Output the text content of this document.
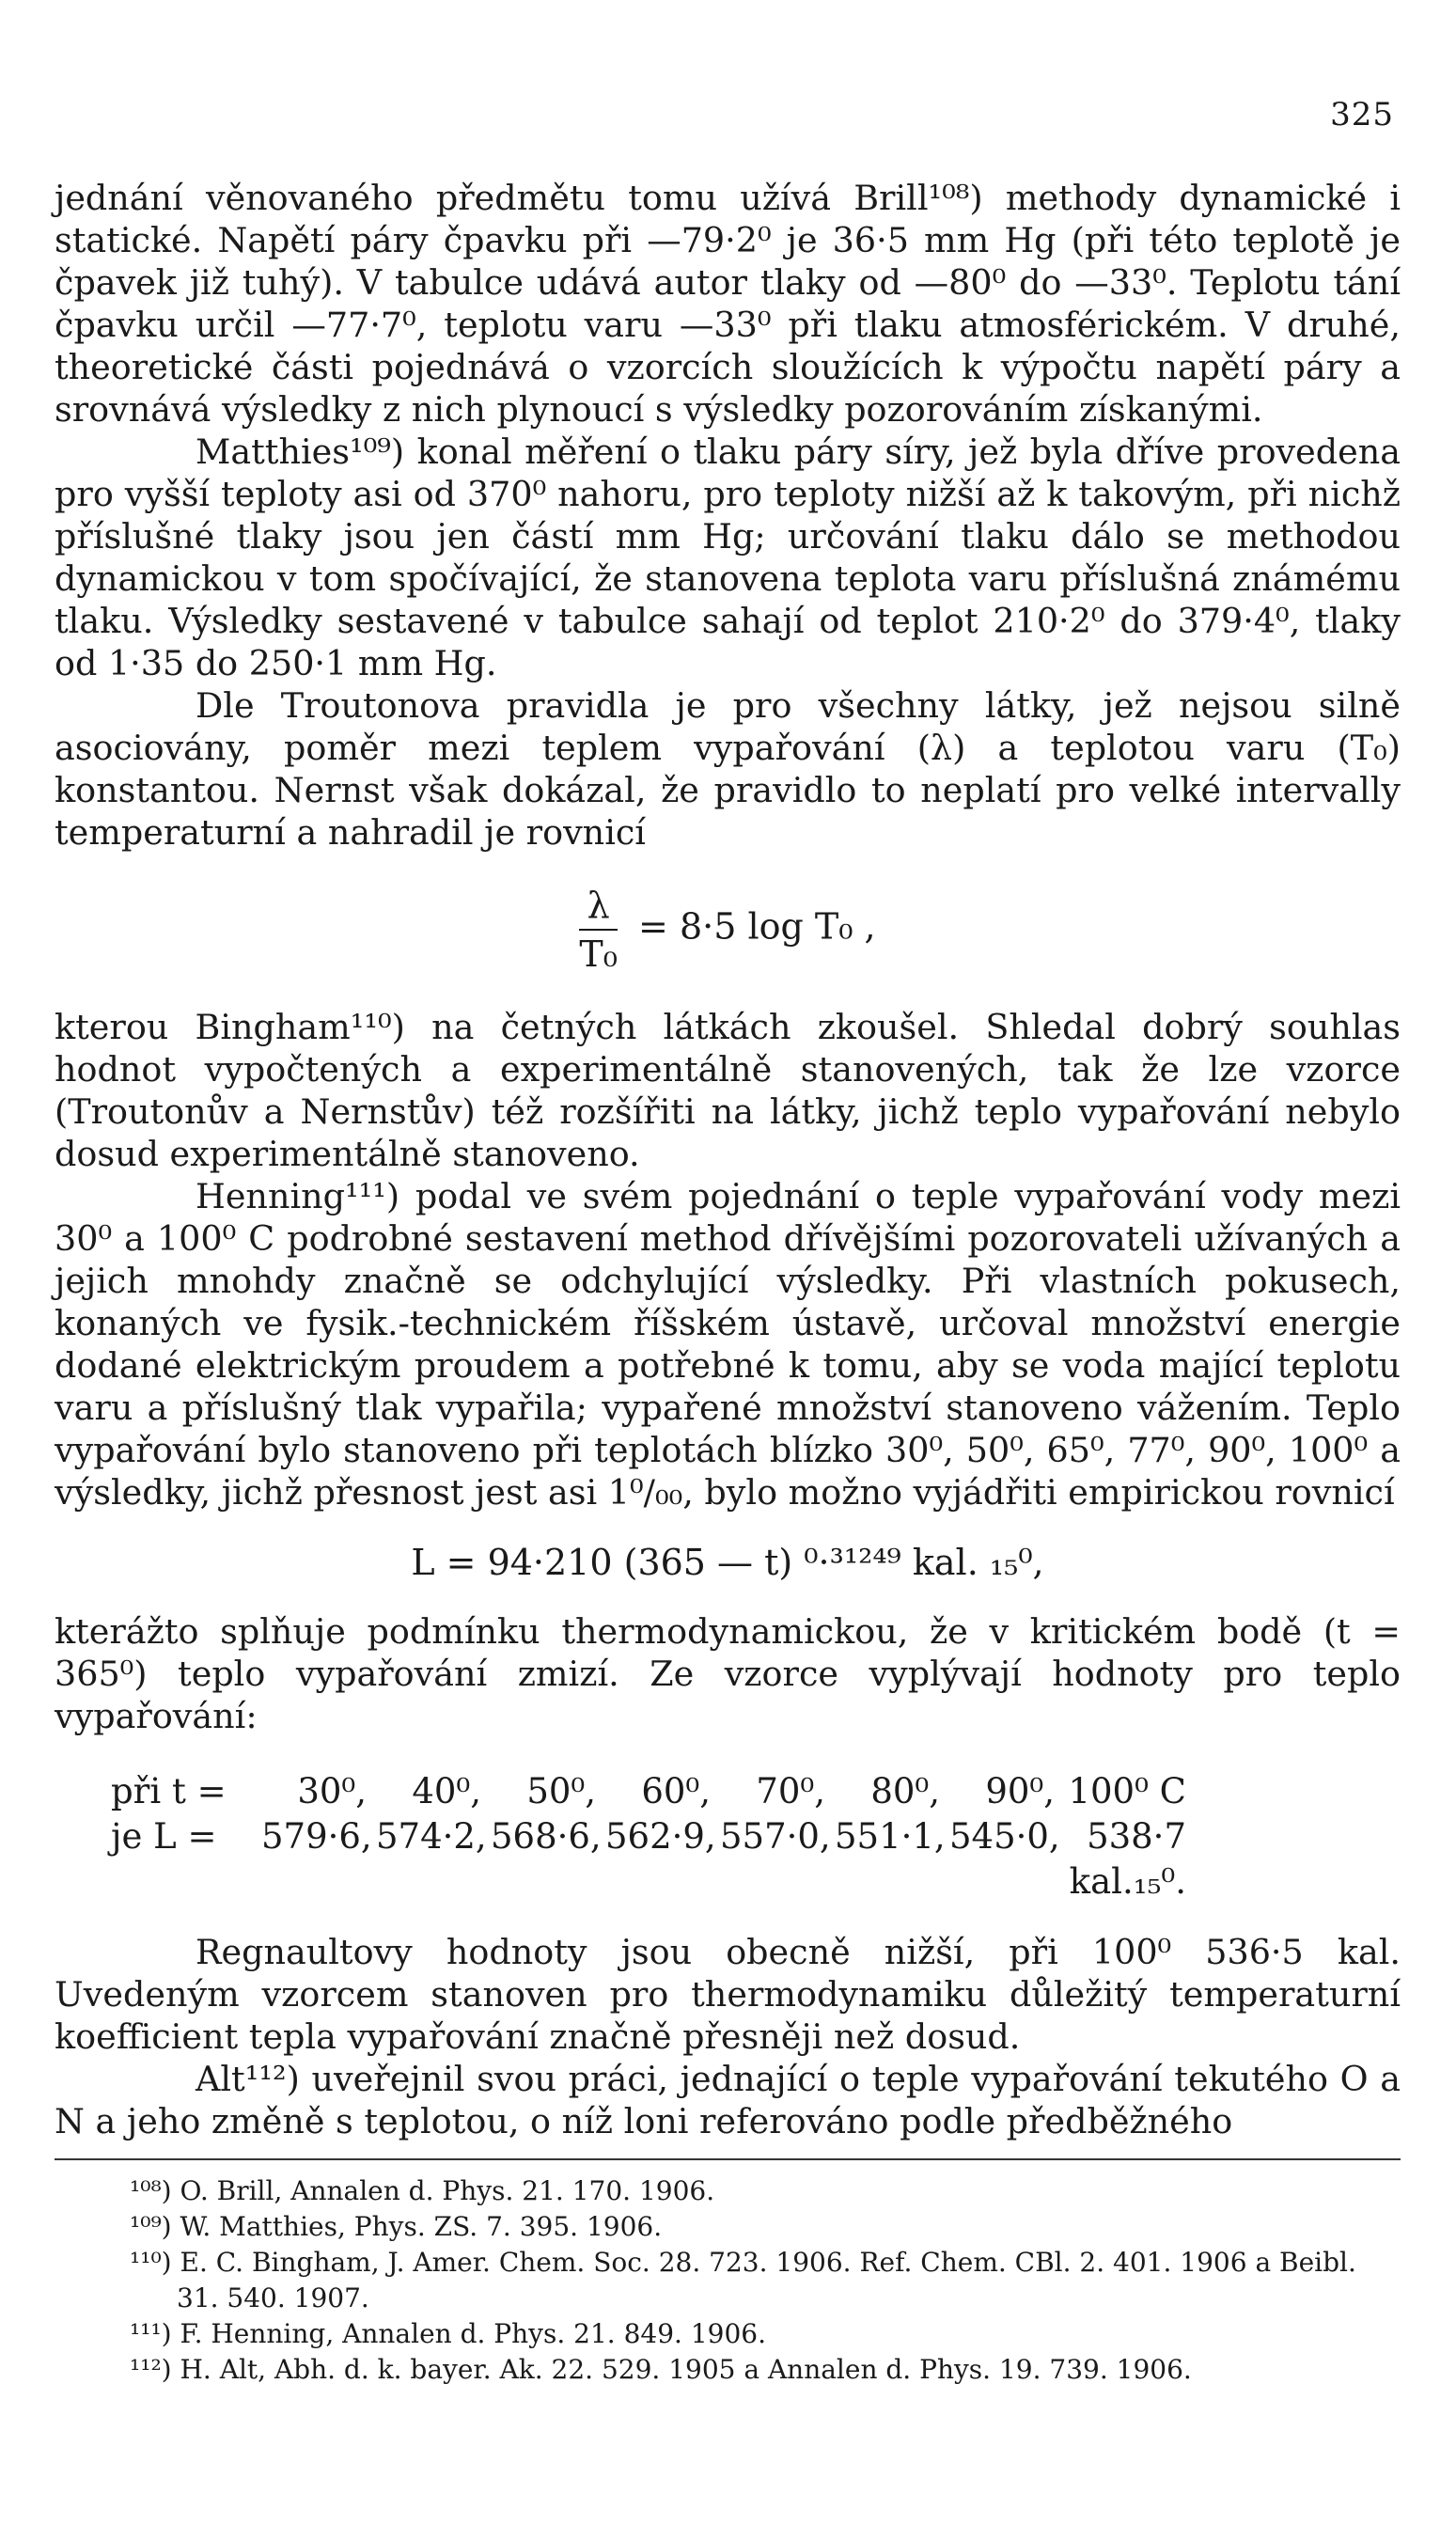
325

jednání věnovaného předmětu tomu užívá Brill¹⁰⁸) methody dynamické i statické. Napětí páry čpavku při —79·2⁰ je 36·5 mm Hg (při této teplotě je čpavek již tuhý). V tabulce udává autor tlaky od —80⁰ do —33⁰. Teplotu tání čpavku určil —77·7⁰, teplotu varu —33⁰ při tlaku atmosférickém. V druhé, theoretické části pojednává o vzorcích sloužících k výpočtu napětí páry a srovnává výsledky z nich plynoucí s výsledky pozorováním získanými.

Matthies¹⁰⁹) konal měření o tlaku páry síry, jež byla dříve provedena pro vyšší teploty asi od 370⁰ nahoru, pro teploty nižší až k takovým, při nichž příslušné tlaky jsou jen částí mm Hg; určování tlaku dálo se methodou dynamickou v tom spočívající, že stanovena teplota varu příslušná známému tlaku. Výsledky sestavené v tabulce sahají od teplot 210·2⁰ do 379·4⁰, tlaky od 1·35 do 250·1 mm Hg.

Dle Troutonova pravidla je pro všechny látky, jež nejsou silně asociovány, poměr mezi teplem vypařování (λ) a teplotou varu (T₀) konstantou. Nernst však dokázal, že pravidlo to neplatí pro velké intervally temperaturní a nahradil je rovnicí

$\frac{\lambda}{\text{T₀}} = 8\cdot 5$ log T₀ ,

kterou Bingham¹¹⁰) na četných látkách zkoušel. Shledal dobrý souhlas hodnot vypočtených a experimentálně stanovených, tak že lze vzorce (Troutonův a Nernstův) též rozšířiti na látky, jichž teplo vypařování nebylo dosud experimentálně stanoveno.

Henning¹¹¹) podal ve svém pojednání o teple vypařování vody mezi 30⁰ a 100⁰ C podrobné sestavení method dřívějšími pozorovateli užívaných a jejich mnohdy značně se odchylující výsledky. Při vlastních pokusech, konaných ve fysik.-technickém říšském ústavě, určoval množství energie dodané elektrickým proudem a potřebné k tomu, aby se voda mající teplotu varu a příslušný tlak vypařila; vypařené množství stanoveno vážením. Teplo vypařování bylo stanoveno při teplotách blízko 30⁰, 50⁰, 65⁰, 77⁰, 90⁰, 100⁰ a výsledky, jichž přesnost jest asi 1⁰/₀₀, bylo možno vyjádřiti empirickou rovnicí

L = 94·210 (365 — t) ⁰·³¹²⁴⁹ kal. ₁₅⁰,

kterážto splňuje podmínku thermodynamickou, že v kritickém bodě (t = 365⁰) teplo vypařování zmizí. Ze vzorce vyplývají hodnoty pro teplo vypařování:

při t =	30⁰,	40⁰,	50⁰,	60⁰,	70⁰,	80⁰,	90⁰, 100⁰ C
je L =	579·6, 574·2, 568·6, 562·9, 557·0, 551·1, 545·0, 538·7 kal.₁₅⁰.

Regnaultovy hodnoty jsou obecně nižší, při 100⁰ 536·5 kal. Uvedeným vzorcem stanoven pro thermodynamiku důležitý temperaturní koefficient tepla vypařování značně přesněji než dosud.

Alt¹¹²) uveřejnil svou práci, jednající o teple vypařování tekutého O a N a jeho změně s teplotou, o níž loni referováno podle předběžného

¹⁰⁸) O. Brill, Annalen d. Phys. 21. 170. 1906.

¹⁰⁹) W. Matthies, Phys. ZS. 7. 395. 1906.

¹¹⁰) E. C. Bingham, J. Amer. Chem. Soc. 28. 723. 1906. Ref. Chem. CBl. 2. 401. 1906 a Beibl. 31. 540. 1907.

¹¹¹) F. Henning, Annalen d. Phys. 21. 849. 1906.

¹¹²) H. Alt, Abh. d. k. bayer. Ak. 22. 529. 1905 a Annalen d. Phys. 19. 739. 1906.
